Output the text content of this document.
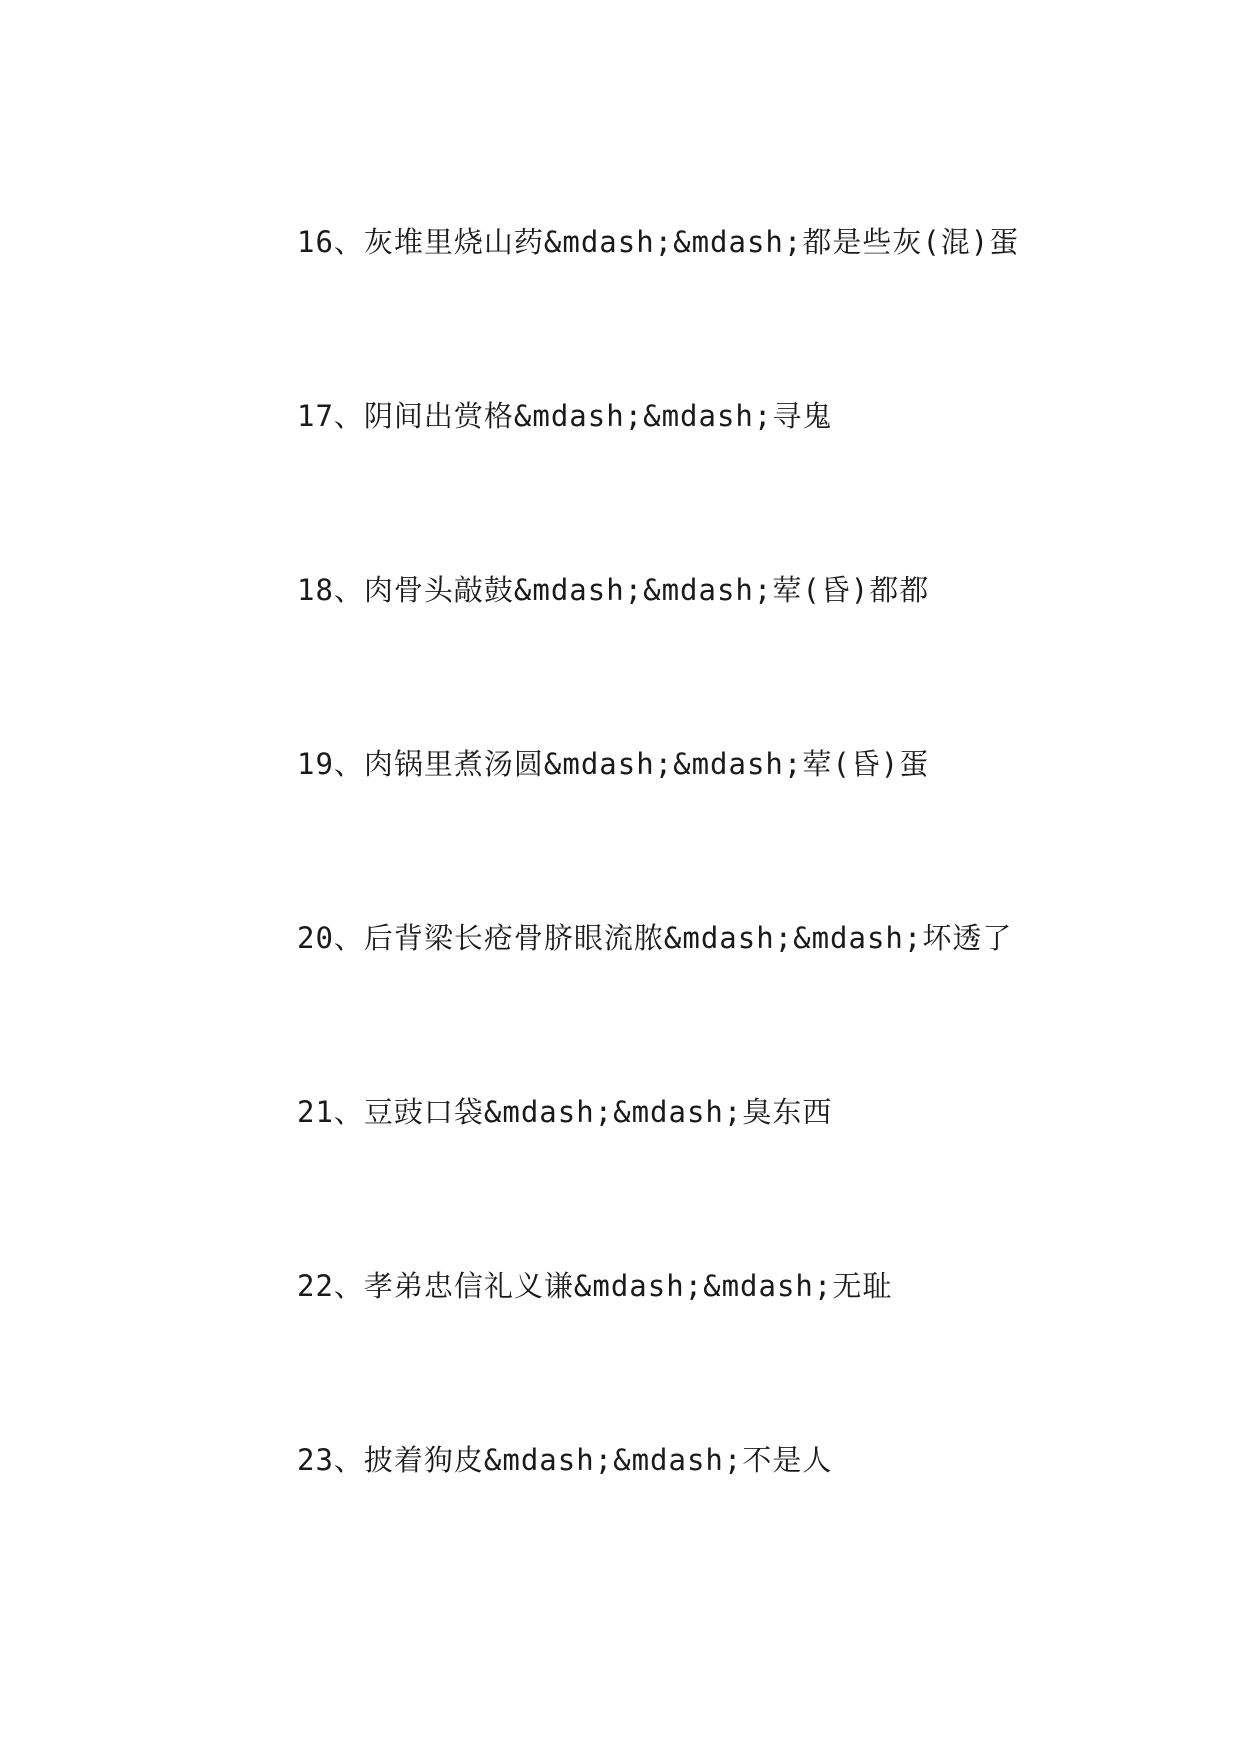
16、灰堆里烧山药&mdash;&mdash;都是些灰(混)蛋
17、阴间出赏格&mdash;&mdash;寻鬼
18、肉骨头敲鼓&mdash;&mdash;荤(昏)都都
19、肉锅里煮汤圆&mdash;&mdash;荤(昏)蛋
20、后背梁长疮骨脐眼流脓&mdash;&mdash;坏透了
21、豆豉口袋&mdash;&mdash;臭东西
22、孝弟忠信礼义谦&mdash;&mdash;无耻
23、披着狗皮&mdash;&mdash;不是人
